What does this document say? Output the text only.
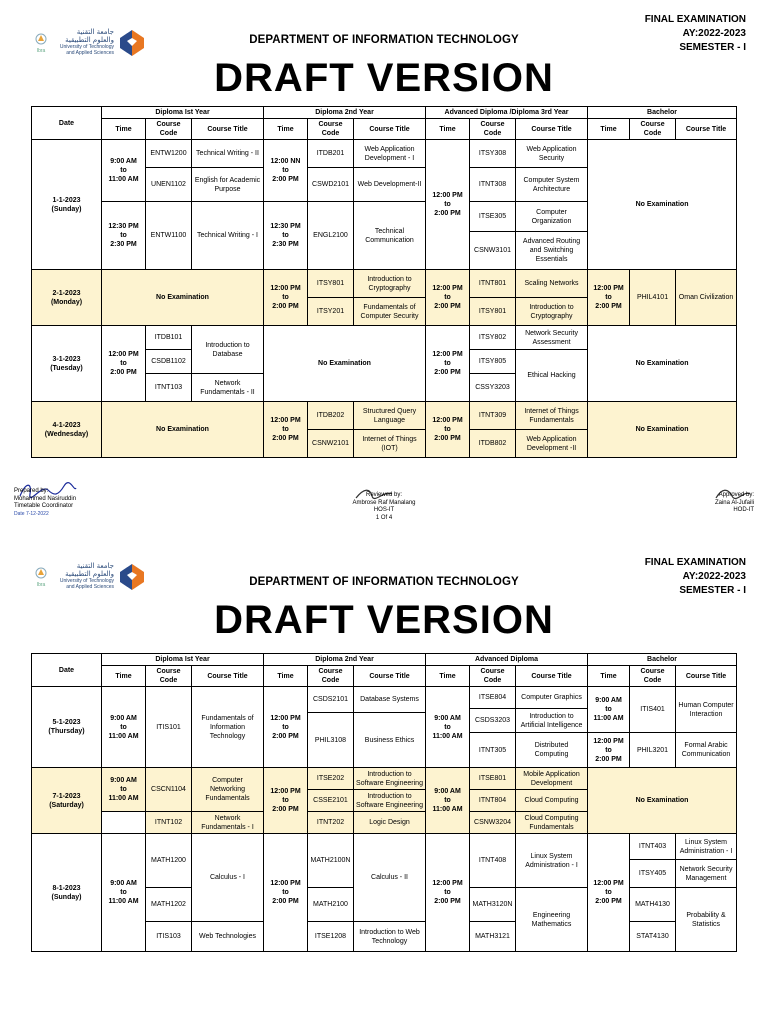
Ibra
جامعة التقنية والعلوم التطبيقية
University of Technology and Applied Sciences
FINAL EXAMINATION
AY:2022-2023
SEMESTER - I
DEPARTMENT OF INFORMATION TECHNOLOGY
DRAFT VERSION
Date	Diploma Ist Year			Diploma 2nd Year			Advanced Diploma /Diploma 3rd Year			Bachelor		
	Time	Course Code	Course Title	Time	Course Code	Course Title	Time	Course Code	Course Title	Time	Course Code	Course Title
1-1-2023
(Sunday)	9:00 AM
to
11:00 AM	ENTW1200	Technical Writing - II	12:00 NN
to
2:00 PM	ITDB201	Web Application Development - I	12:00 PM
to
2:00 PM	ITSY308	Web Application Security	No Examination		
		UNEN1102	English for Academic Purpose		CSWD2101	Web Development-II		ITNT308	Computer System Architecture			
	12:30 PM
to
2:30 PM	ENTW1100	Technical Writing - I	12:30 PM
to
2:30 PM	ENGL2100	Technical Communication		ITSE305	Computer Organization			
								CSNW3101	Advanced Routing and Switching Essentials			
2-1-2023
(Monday)	No Examination			12:00 PM
to
2:00 PM	ITSY801	Introduction to Cryptography	12:00 PM
to
2:00 PM	ITNT801	Scaling Networks	12:00 PM
to
2:00 PM	PHIL4101	Oman Civilization
					ITSY201	Fundamentals of Computer Security		ITSY801	Introduction to Cryptography			
3-1-2023
(Tuesday)	12:00 PM
to
2:00 PM	ITDB101	Introduction to Database	No Examination			12:00 PM
to
2:00 PM	ITSY802	Network Security Assessment	No Examination		
		CSDB1102						ITSY805	Ethical Hacking			
		ITNT103	Network Fundamentals - II					CSSY3203				
4-1-2023
(Wednesday)	No Examination			12:00 PM
to
2:00 PM	ITDB202	Structured Query Language	12:00 PM
to
2:00 PM	ITNT309	Internet of Things Fundamentals	No Examination		
					CSNW2101	Internet of Things (IOT)		ITDB802	Web Application Development -II			
Prepared by:
Mohammed Nasiruddin
Timetable Coordinator
Date 7-12-2022
Reviewed by:
Ambrose Raf Manalang
HOS-IT
1 Of 4
Approved by:
Zaina Al-Jufaili
HOD-IT
Ibra
جامعة التقنية والعلوم التطبيقية
University of Technology and Applied Sciences
FINAL EXAMINATION
AY:2022-2023
SEMESTER - I
DEPARTMENT OF INFORMATION TECHNOLOGY
DRAFT VERSION
Date	Diploma Ist Year			Diploma 2nd Year			Advanced Diploma			Bachelor		
	Time	Course Code	Course Title	Time	Course Code	Course Title	Time	Course Code	Course Title	Time	Course Code	Course Title
5-1-2023
(Thursday)	9:00 AM
to
11:00 AM	ITIS101	Fundamentals of Information Technology	12:00 PM
to
2:00 PM	CSDS2101	Database Systems	9:00 AM
to
11:00 AM	ITSE804	Computer Graphics	9:00 AM
to
11:00 AM	ITIS401	Human Computer Interaction
								CSDS3203	Introduction to Artificial Intelligence			
					PHIL3108	Business Ethics						
								ITNT305	Distributed Computing	12:00 PM
to
2:00 PM	PHIL3201	Formal Arabic Communication

7-1-2023
(Saturday)	9:00 AM
to
11:00 AM	CSCN1104	Computer Networking Fundamentals	12:00 PM
to
2:00 PM	ITSE202	Introduction to Software Engineering	9:00 AM
to
11:00 AM	ITSE801	Mobile Application Development	No Examination		
					CSSE2101	Introduction to Software Engineering		ITNT804	Cloud Computing			
		ITNT102	Network Fundamentals - I		ITNT202	Logic Design		CSNW3204	Cloud Computing Fundamentals			
8-1-2023
(Sunday)	9:00 AM
to
11:00 AM	MATH1200	Calculus - I	12:00 PM
to
2:00 PM	MATH2100N	Calculus - II	12:00 PM
to
2:00 PM	ITNT408	Linux System Administration - I	12:00 PM
to
2:00 PM	ITNT403	Linux System Administration - I
											ITSY405	Network Security Management
		MATH1202			MATH2100			MATH3120N	Engineering Mathematics		MATH4130	Probability & Statistics

		ITIS103	Web Technologies		ITSE1208	Introduction to Web Technology		MATH3121			STAT4130	
